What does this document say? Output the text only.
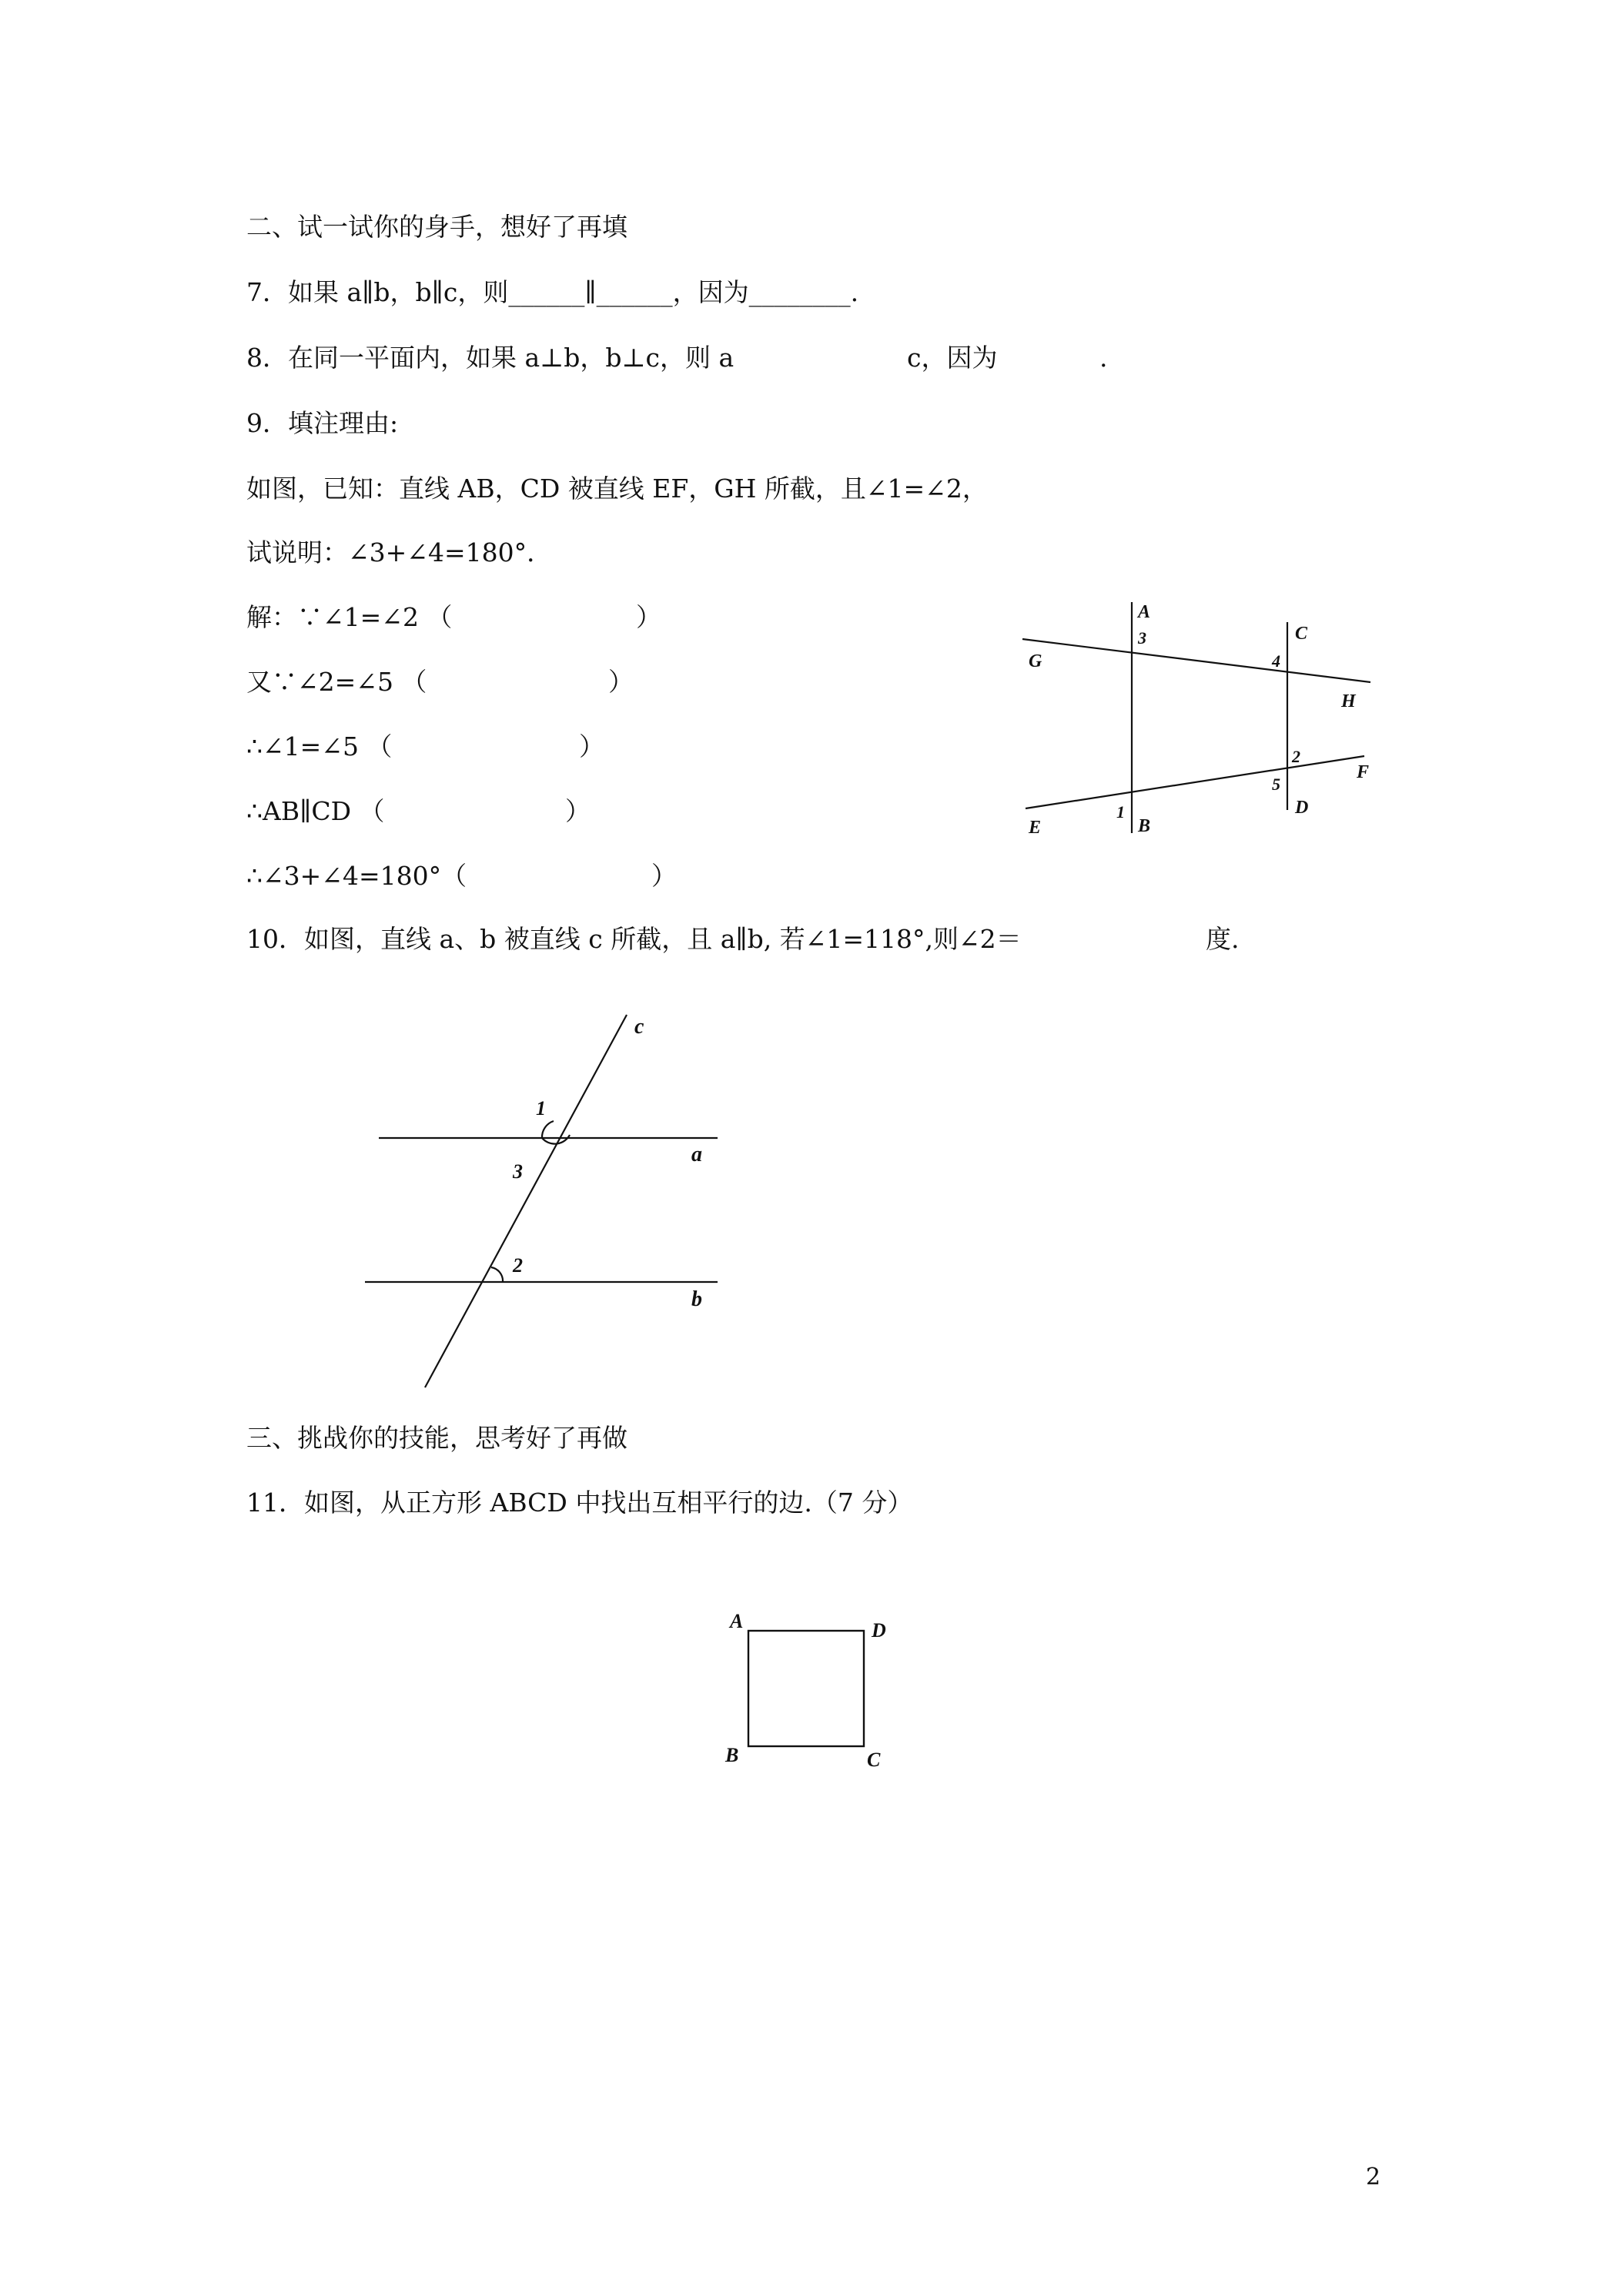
二、试一试你的身手，想好了再填
7．如果 a∥b，b∥c，则______∥______，因为________.
8．在同一平面内，如果 a⊥b，b⊥c，则 a	c，因为	.
9．填注理由:
如图，已知：直线 AB，CD 被直线 EF，GH 所截，且∠1=∠2，
试说明：∠3+∠4=180°．
解：∵∠1=∠2 （	）
又∵∠2=∠5 （	）
∴∠1=∠5 （	）
∴AB∥CD （	）
∴∠3+∠4=180°（	）
A
B
C
D
E
F
G
H
1
2
3
4
5
10．如图，直线 a、b 被直线 c 所截，且 a∥b, 若∠1=118°,则∠2＝	度.
c
a
b
1
3
2
三、挑战你的技能，思考好了再做
11．如图，从正方形 ABCD 中找出互相平行的边.（7 分）
A	D
B	C
2
